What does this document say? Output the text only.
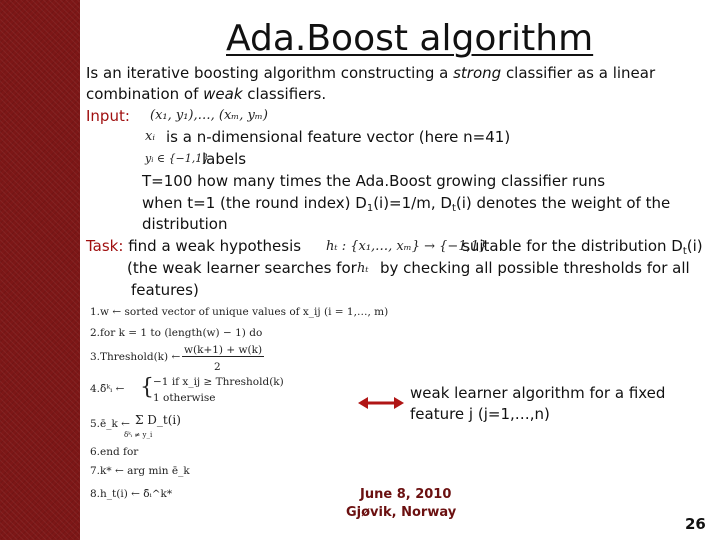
Ada.Boost algorithm
Is an iterative boosting algorithm constructing a strong classifier as a linear
combination of weak classifiers.
Input: (x₁, y₁),…, (xₘ, yₘ)
xᵢ is a n-dimensional feature vector (here n=41)
yᵢ ∈ {−1,1}
labels
T=100 how many times the Ada.Boost growing classifier runs
when t=1 (the round index) $D_1(i)=1/m$, $D_t(i)$ denotes the weight of the
distribution
Task: find a weak hypothesis hₜ : {x₁,…, xₘ} → {−1,1}
suitable for the distribution $D_t(i)$
(the weak learner searches for hₜ by checking all possible thresholds for all
features)
1.w ← sorted vector of unique values of x_ij (i = 1,…, m)
2.for k = 1 to (length(w) − 1) do
3.Threshold(k) ←
w(k+1) + w(k)
2
4.δ̄ᵏᵢ ← { −1 if x_ij ≥ Threshold(k)
1 otherwise
5.ē_k ← Σ D_t(i)
δ̄ᵏᵢ ≠ y_i
6.end for
7.k* ← arg min ē_k
8.h_t(i) ← δ̄ᵢ^k*
weak learner algorithm for a fixed
feature j (j=1,…,n)
June 8, 2010
Gjøvik, Norway
26
